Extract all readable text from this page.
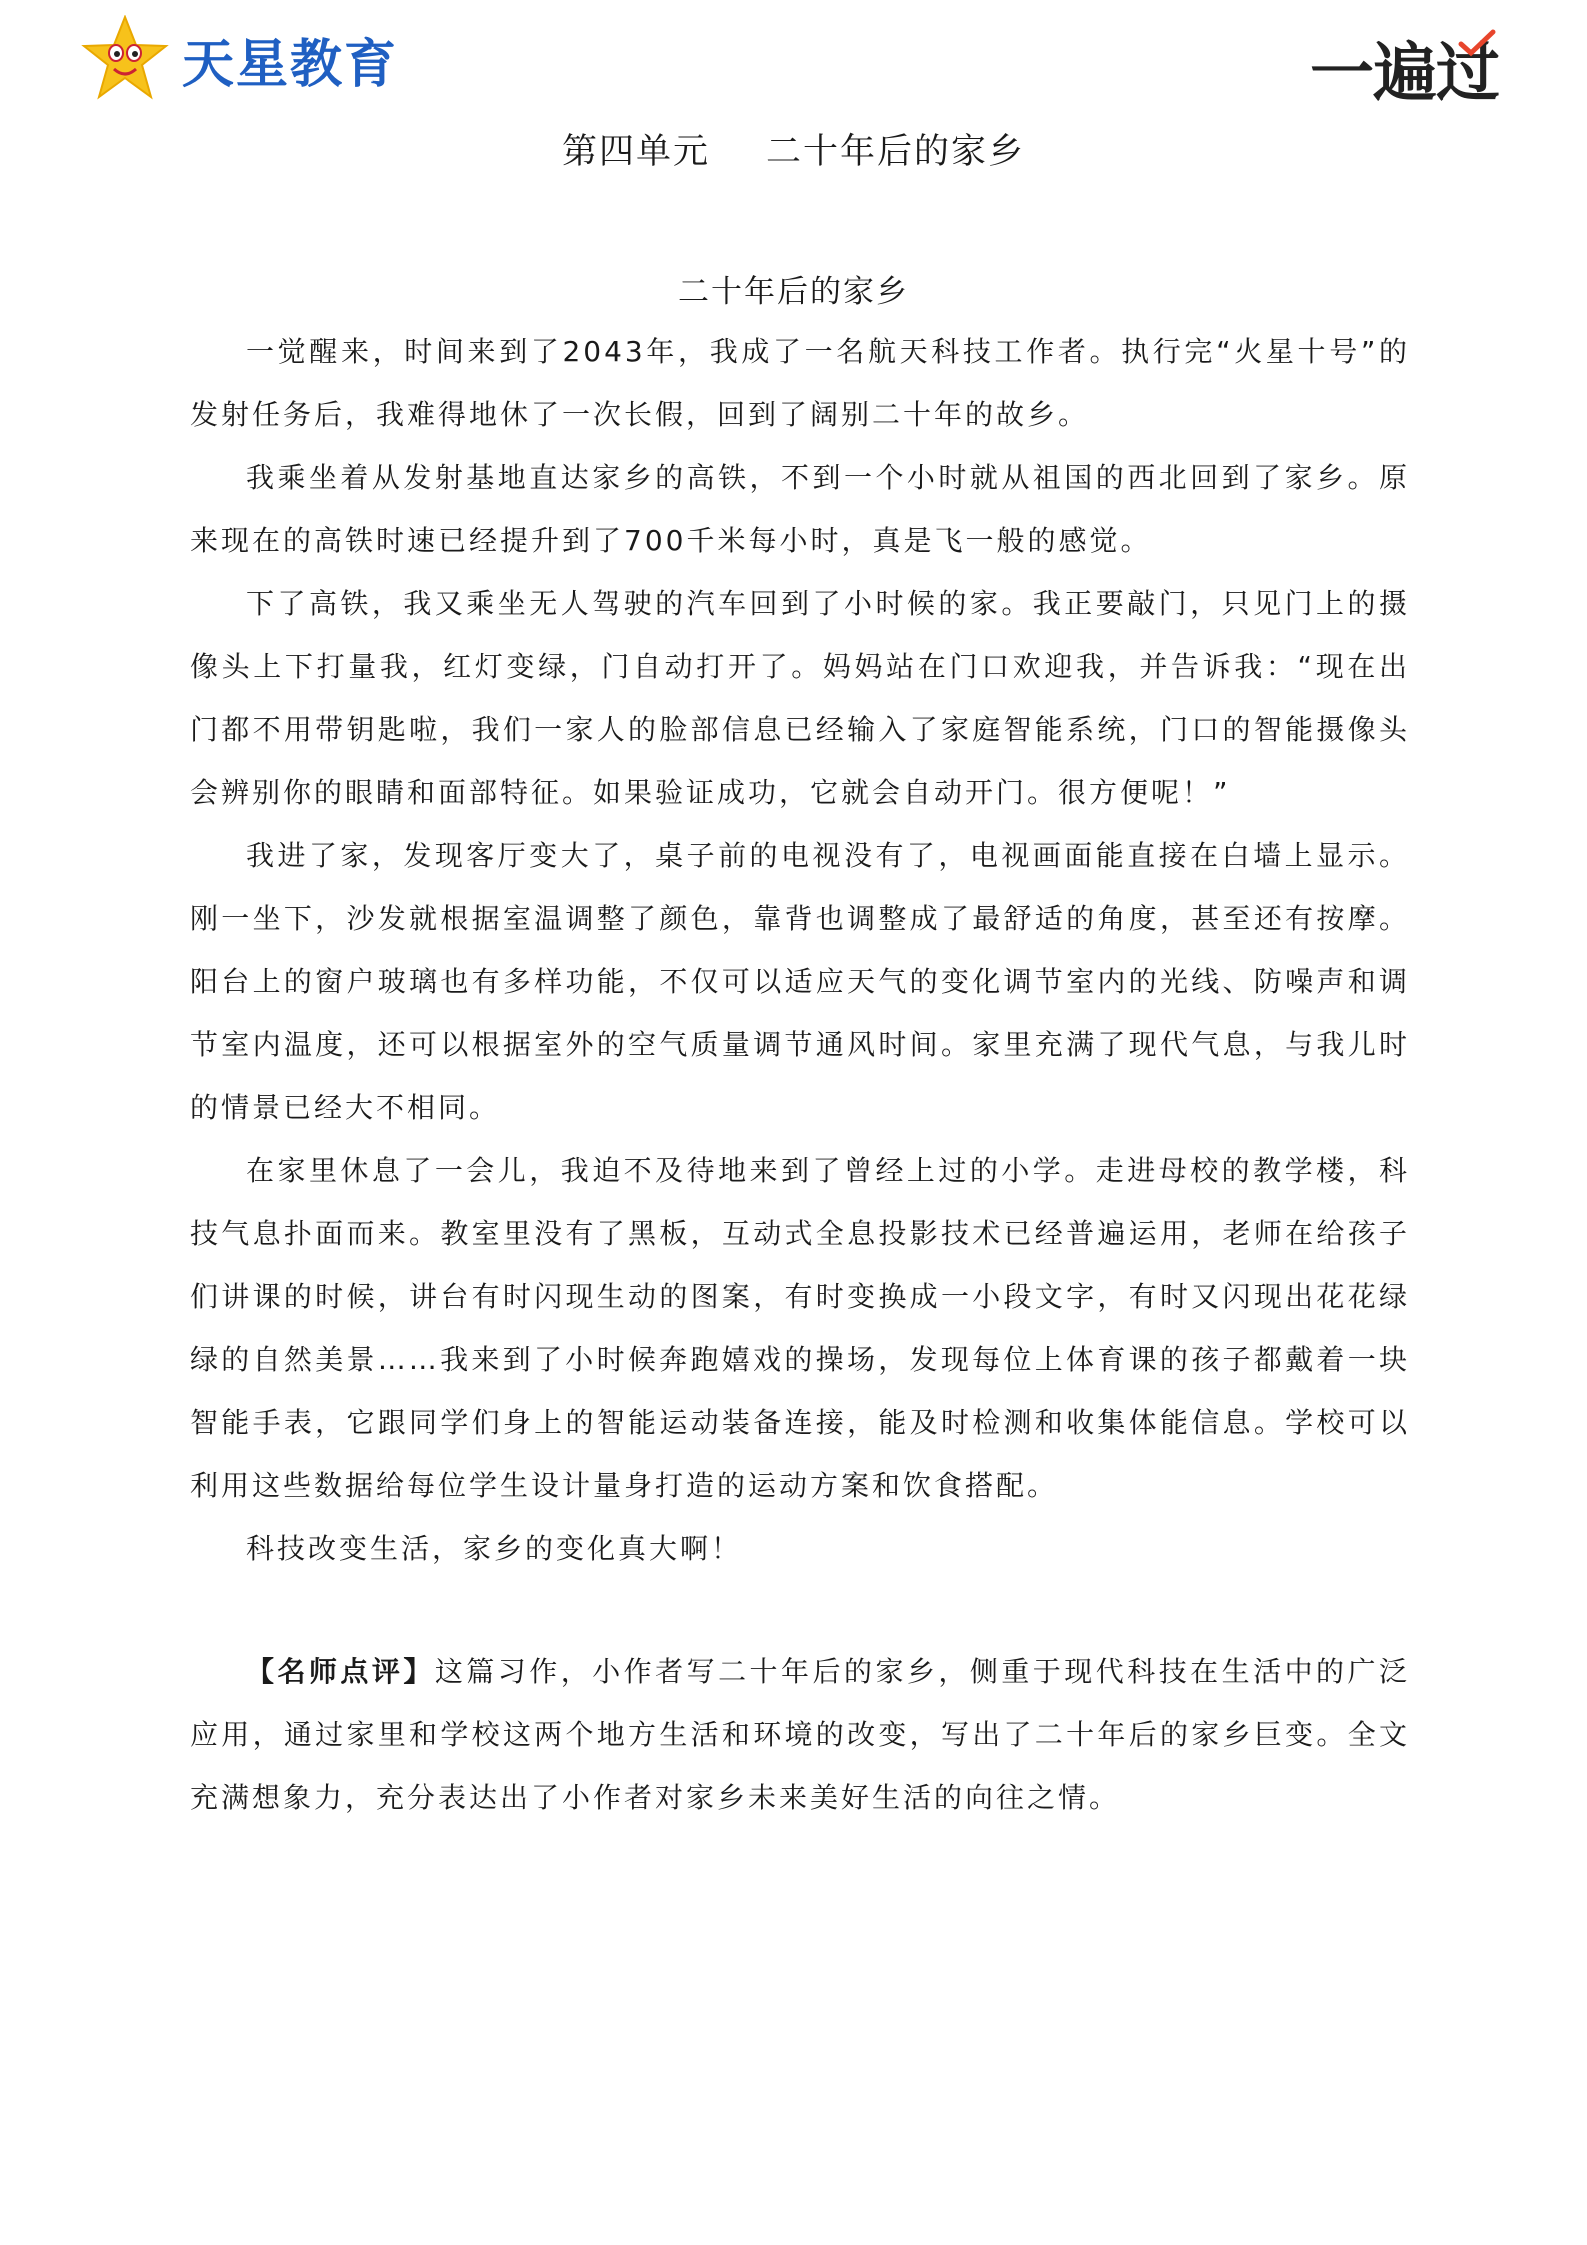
天星教育	一遍过
第四单元 二十年后的家乡
二十年后的家乡

一觉醒来，时间来到了2043年，我成了一名航天科技工作者。执行完“火星十号”的发射任务后，我难得地休了一次长假，回到了阔别二十年的故乡。

我乘坐着从发射基地直达家乡的高铁，不到一个小时就从祖国的西北回到了家乡。原来现在的高铁时速已经提升到了700千米每小时，真是飞一般的感觉。

下了高铁，我又乘坐无人驾驶的汽车回到了小时候的家。我正要敲门，只见门上的摄像头上下打量我，红灯变绿，门自动打开了。妈妈站在门口欢迎我，并告诉我：“现在出门都不用带钥匙啦，我们一家人的脸部信息已经输入了家庭智能系统，门口的智能摄像头会辨别你的眼睛和面部特征。如果验证成功，它就会自动开门。很方便呢！”

我进了家，发现客厅变大了，桌子前的电视没有了，电视画面能直接在白墙上显示。刚一坐下，沙发就根据室温调整了颜色，靠背也调整成了最舒适的角度，甚至还有按摩。阳台上的窗户玻璃也有多样功能，不仅可以适应天气的变化调节室内的光线、防噪声和调节室内温度，还可以根据室外的空气质量调节通风时间。家里充满了现代气息，与我儿时的情景已经大不相同。

在家里休息了一会儿，我迫不及待地来到了曾经上过的小学。走进母校的教学楼，科技气息扑面而来。教室里没有了黑板，互动式全息投影技术已经普遍运用，老师在给孩子们讲课的时候，讲台有时闪现生动的图案，有时变换成一小段文字，有时又闪现出花花绿绿的自然美景……我来到了小时候奔跑嬉戏的操场，发现每位上体育课的孩子都戴着一块智能手表，它跟同学们身上的智能运动装备连接，能及时检测和收集体能信息。学校可以利用这些数据给每位学生设计量身打造的运动方案和饮食搭配。

科技改变生活，家乡的变化真大啊！

【名师点评】这篇习作，小作者写二十年后的家乡，侧重于现代科技在生活中的广泛应用，通过家里和学校这两个地方生活和环境的改变，写出了二十年后的家乡巨变。全文充满想象力，充分表达出了小作者对家乡未来美好生活的向往之情。
